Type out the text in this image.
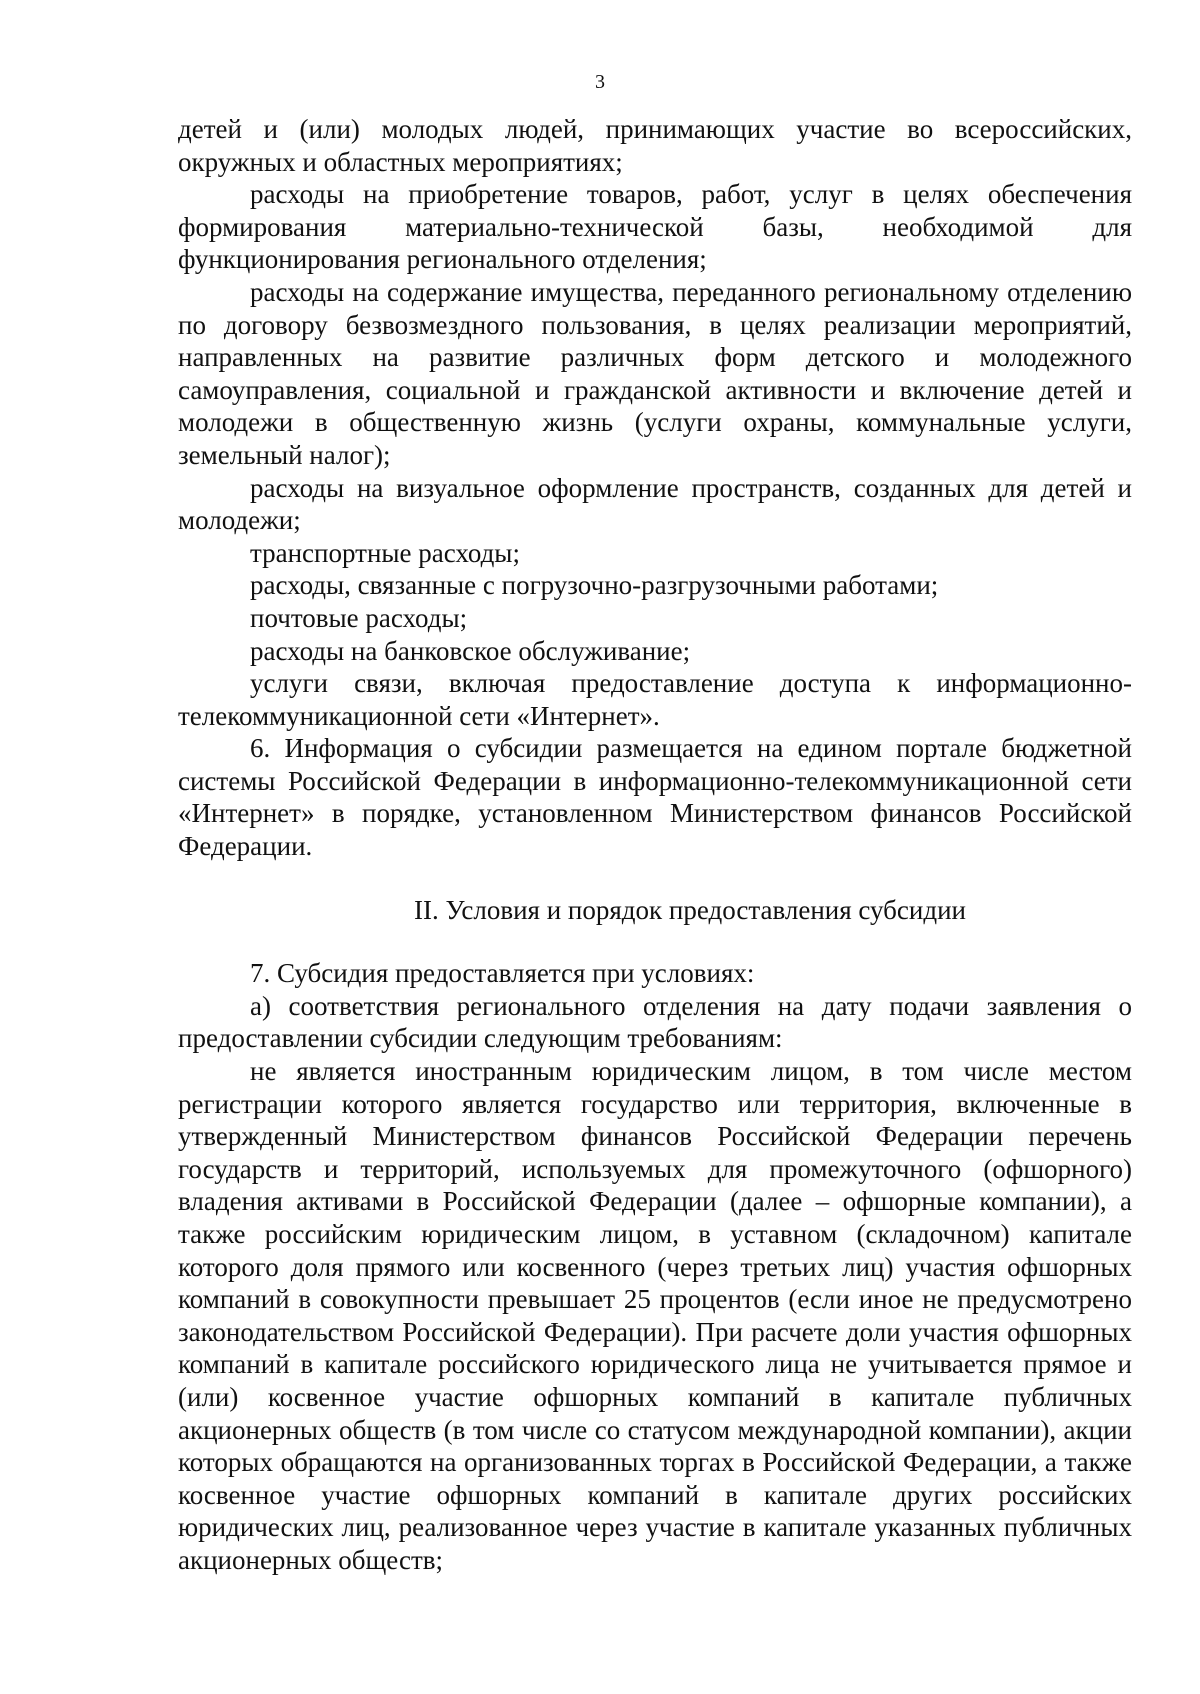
3

детей и (или) молодых людей, принимающих участие во всероссийских, окружных и областных мероприятиях;

расходы на приобретение товаров, работ, услуг в целях обеспечения формирования материально-технической базы, необходимой для функционирования регионального отделения;

расходы на содержание имущества, переданного региональному отделению по договору безвозмездного пользования, в целях реализации мероприятий, направленных на развитие различных форм детского и молодежного самоуправления, социальной и гражданской активности и включение детей и молодежи в общественную жизнь (услуги охраны, коммунальные услуги, земельный налог);

расходы на визуальное оформление пространств, созданных для детей и молодежи;

транспортные расходы;

расходы, связанные с погрузочно-разгрузочными работами;

почтовые расходы;

расходы на банковское обслуживание;

услуги связи, включая предоставление доступа к информационно-телекоммуникационной сети «Интернет».

6. Информация о субсидии размещается на едином портале бюджетной системы Российской Федерации в информационно-телекоммуникационной сети «Интернет» в порядке, установленном Министерством финансов Российской Федерации.

II. Условия и порядок предоставления субсидии

7. Субсидия предоставляется при условиях:

а) соответствия регионального отделения на дату подачи заявления о предоставлении субсидии следующим требованиям:

не является иностранным юридическим лицом, в том числе местом регистрации которого является государство или территория, включенные в утвержденный Министерством финансов Российской Федерации перечень государств и территорий, используемых для промежуточного (офшорного) владения активами в Российской Федерации (далее – офшорные компании), а также российским юридическим лицом, в уставном (складочном) капитале которого доля прямого или косвенного (через третьих лиц) участия офшорных компаний в совокупности превышает 25 процентов (если иное не предусмотрено законодательством Российской Федерации). При расчете доли участия офшорных компаний в капитале российского юридического лица не учитывается прямое и (или) косвенное участие офшорных компаний в капитале публичных акционерных обществ (в том числе со статусом международной компании), акции которых обращаются на организованных торгах в Российской Федерации, а также косвенное участие офшорных компаний в капитале других российских юридических лиц, реализованное через участие в капитале указанных публичных акционерных обществ;
